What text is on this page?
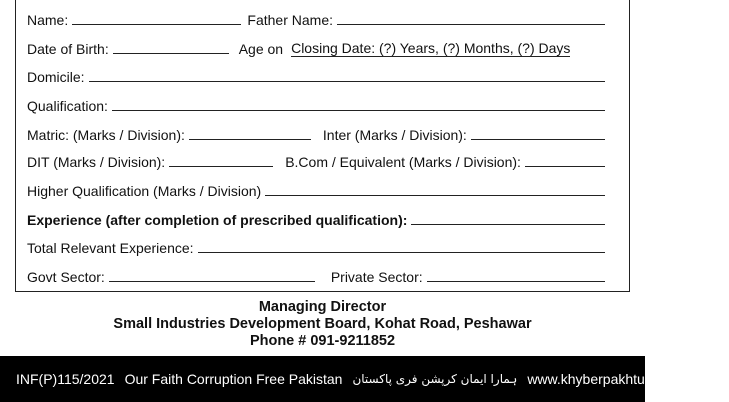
Name:	Father Name:
Date of Birth:	Age on Closing Date: (?) Years, (?) Months, (?) Days
Domicile:
Qualification:
Matric: (Marks / Division):	Inter (Marks / Division):
DIT (Marks / Division):	B.Com / Equivalent (Marks / Division):
Higher Qualification (Marks / Division)
Experience (after completion of prescribed qualification):
Total Relevant Experience:
Govt Sector:	Private Sector:
Managing Director
Small Industries Development Board, Kohat Road, Peshawar
Phone # 091-9211852
INF(P)115/2021 Our Faith Corruption Free Pakistan ہمارا ایمان کرپشن فری پاکستان www.khyberpakhtunkhwa.gov.pk
